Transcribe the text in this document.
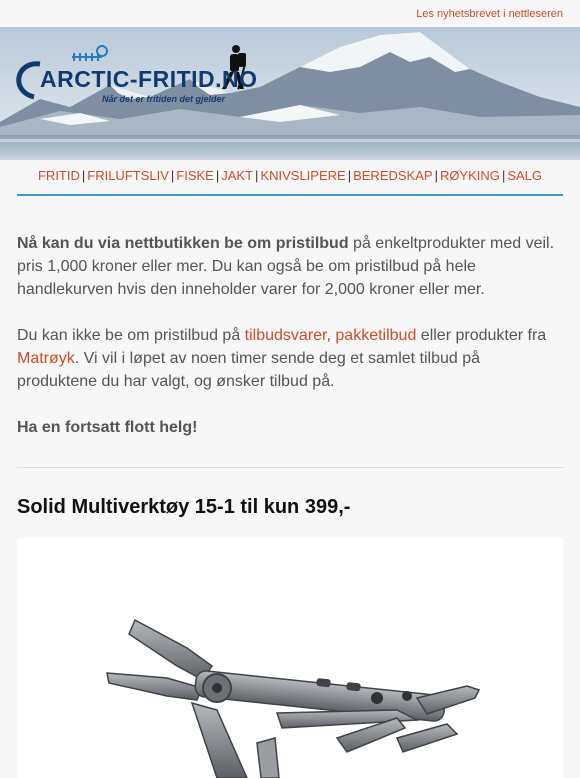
Les nyhetsbrevet i nettleseren
ARCTIC-FRITID.NO
Når det er fritiden det gjelder
FRITID | FRILUFTSLIV | FISKE | JAKT | KNIVSLIPERE | BEREDSKAP | RØYKING | SALG

Nå kan du via nettbutikken be om pristilbud på enkeltprodukter med veil. pris 1,000 kroner eller mer. Du kan også be om pristilbud på hele handlekurven hvis den inneholder varer for 2,000 kroner eller mer.

Du kan ikke be om pristilbud på tilbudsvarer, pakketilbud eller produkter fra Matrøyk. Vi vil i løpet av noen timer sende deg et samlet tilbud på produktene du har valgt, og ønsker tilbud på.

Ha en fortsatt flott helg!

Solid Multiverktøy 15-1 til kun 399,-
